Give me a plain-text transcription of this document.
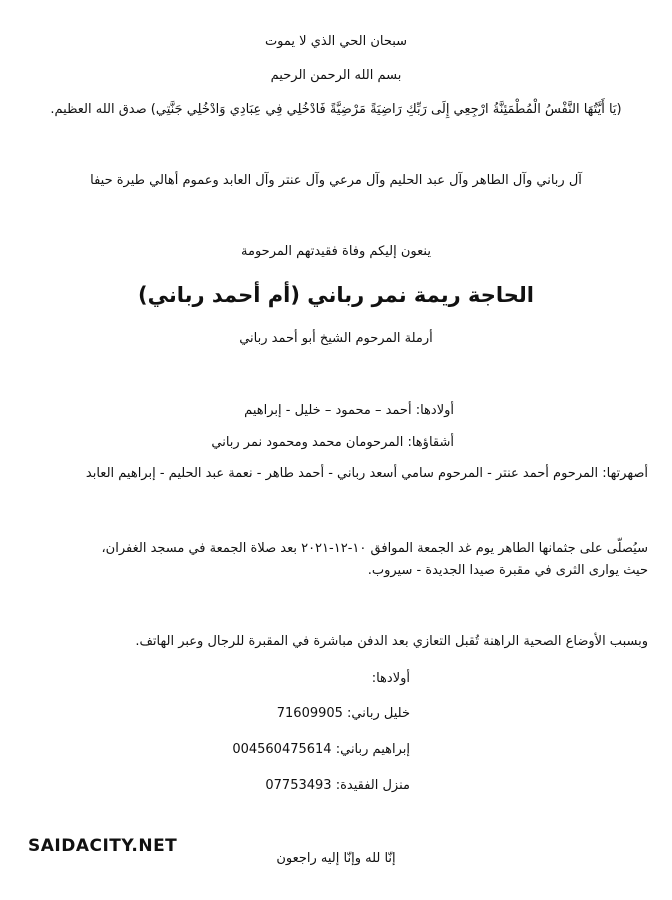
سبحان الحي الذي لا يموت
بسم الله الرحمن الرحيم
(يَا أَيَّتُهَا النَّفْسُ الْمُطْمَئِنَّةُ ارْجِعِي إِلَى رَبِّكِ رَاضِيَةً مَرْضِيَّةً فَادْخُلِي فِي عِبَادِي وَادْخُلِي جَنَّتِي) صدق الله العظيم.
آل رباني وآل الطاهر وآل عبد الحليم وآل مرعي وآل عنتر وآل العابد وعموم أهالي طيرة حيفا
ينعون إليكم وفاة فقيدتهم المرحومة
الحاجة ريمة نمر رباني (أم أحمد رباني)
أرملة المرحوم الشيخ أبو أحمد رباني
أولادها: أحمد – محمود – خليل - إبراهيم
أشقاؤها: المرحومان محمد ومحمود نمر رباني
أصهرتها: المرحوم أحمد عنتر - المرحوم سامي أسعد رباني - أحمد طاهر - نعمة عبد الحليم - إبراهيم العابد
سيُصلّى على جثمانها الطاهر يوم غد الجمعة الموافق ١٠-١٢-٢٠٢١ بعد صلاة الجمعة في مسجد الغفران،
حيث يوارى الثرى في مقبرة صيدا الجديدة - سيروب.
وبسبب الأوضاع الصحية الراهنة تُقبل التعازي بعد الدفن مباشرة في المقبرة للرجال وعبر الهاتف.
أولادها:
خليل رباني: 71609905
إبراهيم رباني: 004560475614
منزل الفقيدة: 07753493
إنّا لله وإنّا إليه راجعون
SAIDACITY.NET
